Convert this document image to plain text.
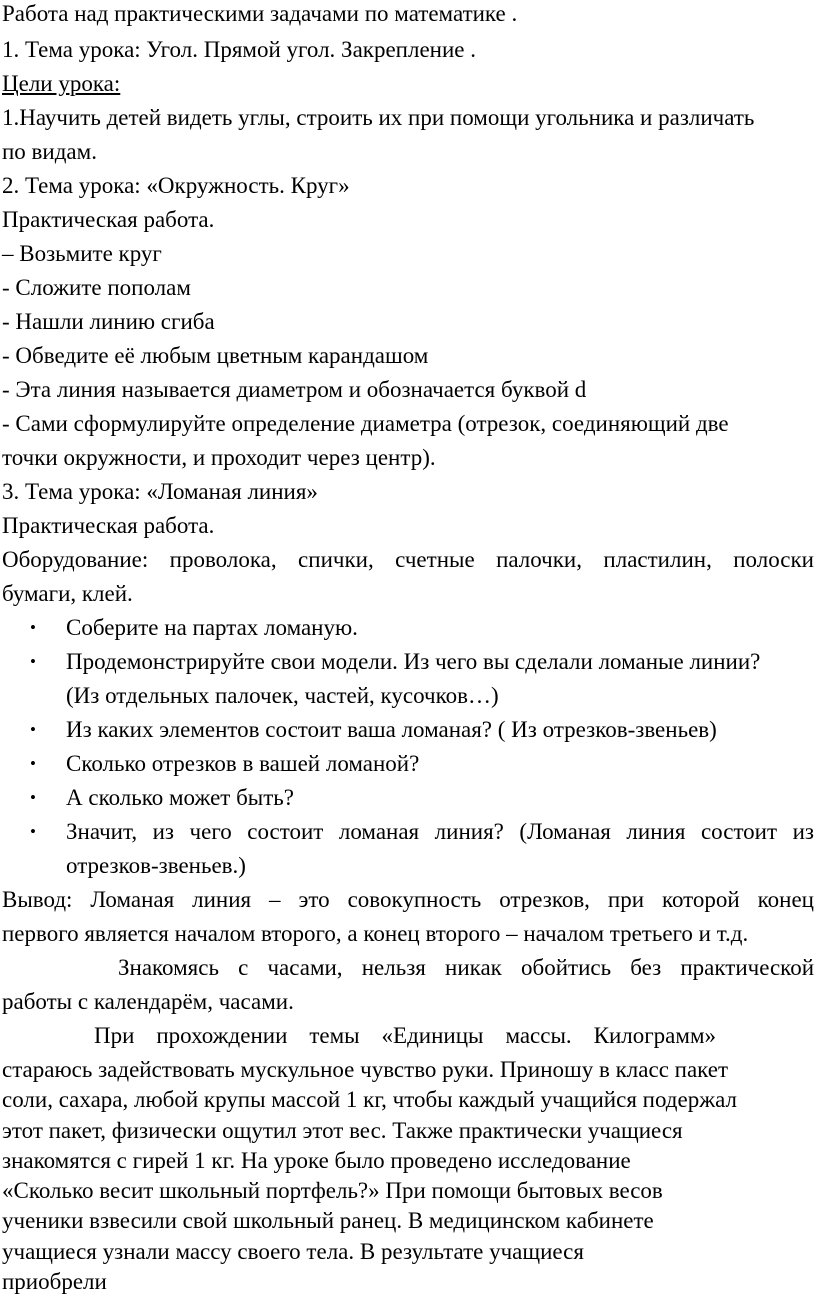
Работа над практическими задачами по математике .
1. Тема урока: Угол. Прямой угол. Закрепление .
Цели урока:
1.Научить детей видеть углы, строить их при помощи угольника и различать
по видам.
2. Тема урока: «Окружность. Круг»
Практическая работа.
– Возьмите круг
- Сложите пополам
- Нашли линию сгиба
- Обведите её любым цветным карандашом
- Эта линия называется диаметром и обозначается буквой d
- Сами сформулируйте определение диаметра (отрезок, соединяющий две
точки окружности, и проходит через центр).
3. Тема урока: «Ломаная линия»
Практическая работа.
Оборудование: проволока, спички, счетные палочки, пластилин, полоски
бумаги, клей.
• Соберите на партах ломаную.
• Продемонстрируйте свои модели. Из чего вы сделали ломаные линии?
(Из отдельных палочек, частей, кусочков…)
• Из каких элементов состоит ваша ломаная? ( Из отрезков-звеньев)
• Сколько отрезков в вашей ломаной?
• А сколько может быть?
• Значит, из чего состоит ломаная линия? (Ломаная линия состоит из
отрезков-звеньев.)
Вывод: Ломаная линия – это совокупность отрезков, при которой конец
первого является началом второго, а конец второго – началом третьего и т.д.
Знакомясь с часами, нельзя никак обойтись без практической
работы с календарём, часами.
При прохождении темы «Единицы массы. Килограмм»
стараюсь задействовать мускульное чувство руки. Приношу в класс пакет
соли, сахара, любой крупы массой 1 кг, чтобы каждый учащийся подержал
этот пакет, физически ощутил этот вес. Также практически учащиеся
знакомятся с гирей 1 кг. На уроке было проведено исследование
«Сколько весит школьный портфель?» При помощи бытовых весов
ученики взвесили свой школьный ранец. В медицинском кабинете
учащиеся узнали массу своего тела. В результате учащиеся
приобрели
